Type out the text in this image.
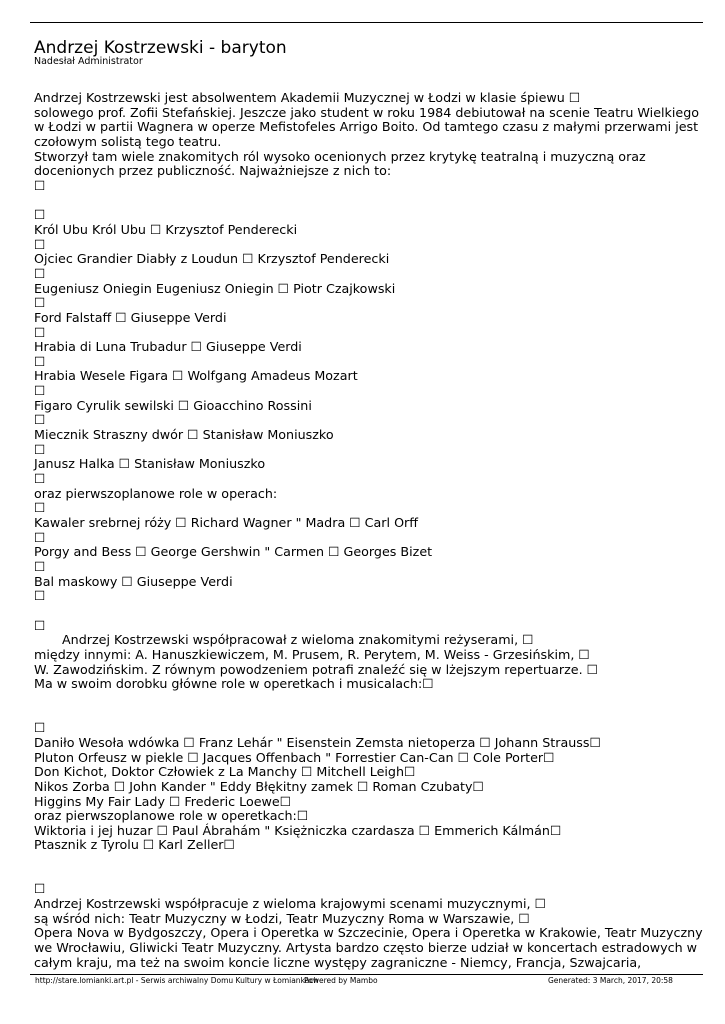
Andrzej Kostrzewski - baryton
Nadesłał Administrator
Andrzej Kostrzewski jest absolwentem Akademii Muzycznej w Łodzi w klasie śpiewu ☐
solowego prof. Zofii Stefańskiej. Jeszcze jako student w roku 1984 debiutował na scenie Teatru Wielkiego
w Łodzi w partii Wagnera w operze Mefistofeles Arrigo Boito. Od tamtego czasu z małymi przerwami jest
czołowym solistą tego teatru.
Stworzył tam wiele znakomitych ról wysoko ocenionych przez krytykę teatralną i muzyczną oraz
docenionych przez publiczność. Najważniejsze z nich to:
☐
☐
Król Ubu Król Ubu ☐ Krzysztof Penderecki
☐
Ojciec Grandier Diabły z Loudun ☐ Krzysztof Penderecki
☐
Eugeniusz Oniegin Eugeniusz Oniegin ☐ Piotr Czajkowski
☐
Ford Falstaff ☐ Giuseppe Verdi
☐
Hrabia di Luna Trubadur ☐ Giuseppe Verdi
☐
Hrabia Wesele Figara ☐ Wolfgang Amadeus Mozart
☐
Figaro Cyrulik sewilski ☐ Gioacchino Rossini
☐
Miecznik Straszny dwór ☐ Stanisław Moniuszko
☐
Janusz Halka ☐ Stanisław Moniuszko
☐
oraz pierwszoplanowe role w operach:
☐
Kawaler srebrnej róży ☐ Richard Wagner " Madra ☐ Carl Orff
☐
Porgy and Bess ☐ George Gershwin " Carmen ☐ Georges Bizet
☐
Bal maskowy ☐ Giuseppe Verdi
☐
☐
Andrzej Kostrzewski współpracował z wieloma znakomitymi reżyserami, ☐
między innymi: A. Hanuszkiewiczem, M. Prusem, R. Perytem, M. Weiss - Grzesińskim, ☐
W. Zawodzińskim. Z równym powodzeniem potrafi znaleźć się w lżejszym repertuarze. ☐
Ma w swoim dorobku główne role w operetkach i musicalach:☐
☐
Daniło Wesoła wdówka ☐ Franz Lehár " Eisenstein Zemsta nietoperza ☐ Johann Strauss☐
Pluton Orfeusz w piekle ☐ Jacques Offenbach " Forrestier Can-Can ☐ Cole Porter☐
Don Kichot, Doktor Człowiek z La Manchy ☐ Mitchell Leigh☐
Nikos Zorba ☐ John Kander " Eddy Błękitny zamek ☐ Roman Czubaty☐
Higgins My Fair Lady ☐ Frederic Loewe☐
oraz pierwszoplanowe role w operetkach:☐
Wiktoria i jej huzar ☐ Paul Ábrahám " Księżniczka czardasza ☐ Emmerich Kálmán☐
Ptasznik z Tyrolu ☐ Karl Zeller☐
☐
Andrzej Kostrzewski współpracuje z wieloma krajowymi scenami muzycznymi, ☐
są wśród nich: Teatr Muzyczny w Łodzi, Teatr Muzyczny Roma w Warszawie, ☐
Opera Nova w Bydgoszczy, Opera i Operetka w Szczecinie, Opera i Operetka w Krakowie, Teatr Muzyczny
we Wrocławiu, Gliwicki Teatr Muzyczny. Artysta bardzo często bierze udział w koncertach estradowych w
całym kraju, ma też na swoim koncie liczne występy zagraniczne - Niemcy, Francja, Szwajcaria,
http://stare.lomianki.art.pl - Serwis archiwalny Domu Kultury w Łomiankach
Powered by Mambo	Generated: 3 March, 2017, 20:58
